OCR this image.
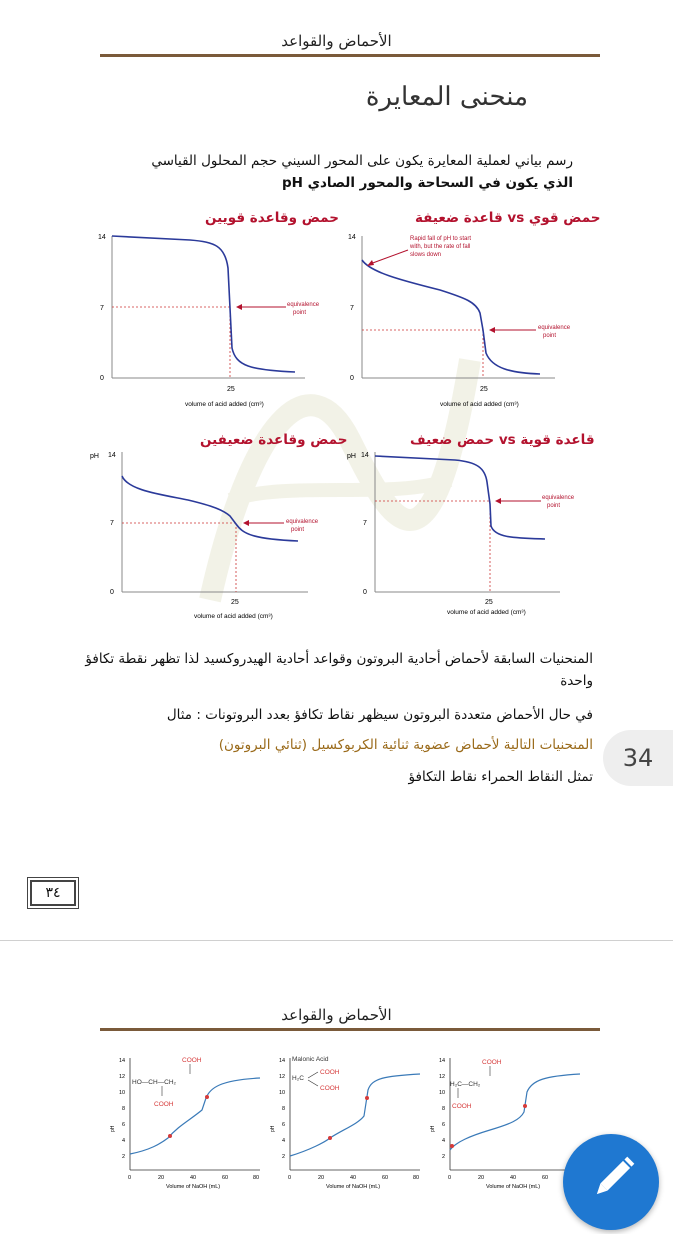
الأحماض والقواعد
منحنى المعايرة
رسم بياني لعملية المعايرة يكون على المحور السيني حجم المحلول القياسي
الذي يكون في السحاحة والمحور الصادي pH
حمض وقاعدة قويين	حمض قوي vs قاعدة ضعيفة
حمض وقاعدة ضعيفين	قاعدة قوية vs حمض ضعيف
14
7
0
equivalence
point
25
volume of acid added (cm³)
14
7
0
equivalence
point
Rapid fall of pH to start
with, but the rate of fall
slows down
25
volume of acid added (cm³)
pH 14
7
0
equivalence
point
25
volume of acid added (cm³)
pH 14
7
0
equivalence
point
25
volume of acid added (cm³)
المنحنيات السابقة لأحماض أحادية البروتون وقواعد أحادية الهيدروكسيد لذا تظهر نقطة تكافؤ
واحدة
في حال الأحماض متعددة البروتون سيظهر نقاط تكافؤ بعدد البروتونات : مثال
المنحنيات التالية لأحماض عضوية ثنائية الكربوكسيل (ثنائي البروتون)
تمثل النقاط الحمراء نقاط التكافؤ
34
٣٤
الأحماض والقواعد
pH
14
12
10
8
6
4
2
0	20	40	60	80
Volume of NaOH (mL)
COOH
HO—CH—CH₂
COOH
pH
14
12
10
8
6
4
2
0	20	40	60	80
Volume of NaOH (mL)
Malonic Acid
H₂C
COOH
COOH
pH
14
12
10
8
6
4
2
0	20	40	60
Volume of NaOH (mL)
COOH
H₂C—CH₂
COOH
